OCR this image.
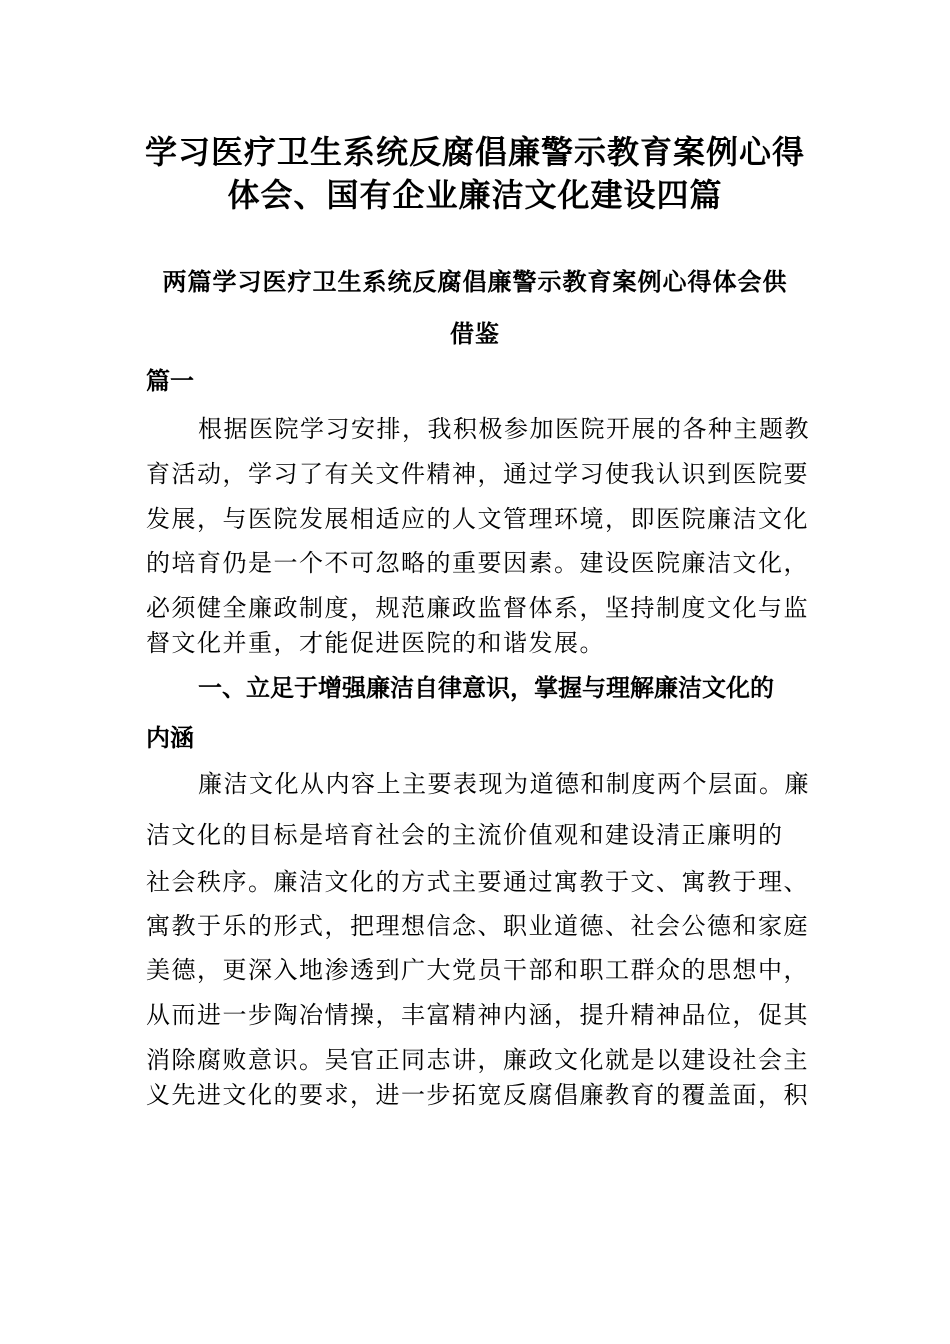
学习医疗卫生系统反腐倡廉警示教育案例心得
体会、国有企业廉洁文化建设四篇
两篇学习医疗卫生系统反腐倡廉警示教育案例心得体会供
借鉴
篇一
根据医院学习安排，我积极参加医院开展的各种主题教
育活动，学习了有关文件精神，通过学习使我认识到医院要
发展，与医院发展相适应的人文管理环境，即医院廉洁文化
的培育仍是一个不可忽略的重要因素。建设医院廉洁文化，
必须健全廉政制度，规范廉政监督体系，坚持制度文化与监
督文化并重，才能促进医院的和谐发展。
一、立足于增强廉洁自律意识，掌握与理解廉洁文化的
内涵
廉洁文化从内容上主要表现为道德和制度两个层面。廉
洁文化的目标是培育社会的主流价值观和建设清正廉明的
社会秩序。廉洁文化的方式主要通过寓教于文、寓教于理、
寓教于乐的形式，把理想信念、职业道德、社会公德和家庭
美德，更深入地渗透到广大党员干部和职工群众的思想中，
从而进一步陶冶情操，丰富精神内涵，提升精神品位，促其
消除腐败意识。吴官正同志讲，廉政文化就是以建设社会主
义先进文化的要求，进一步拓宽反腐倡廉教育的覆盖面，积
